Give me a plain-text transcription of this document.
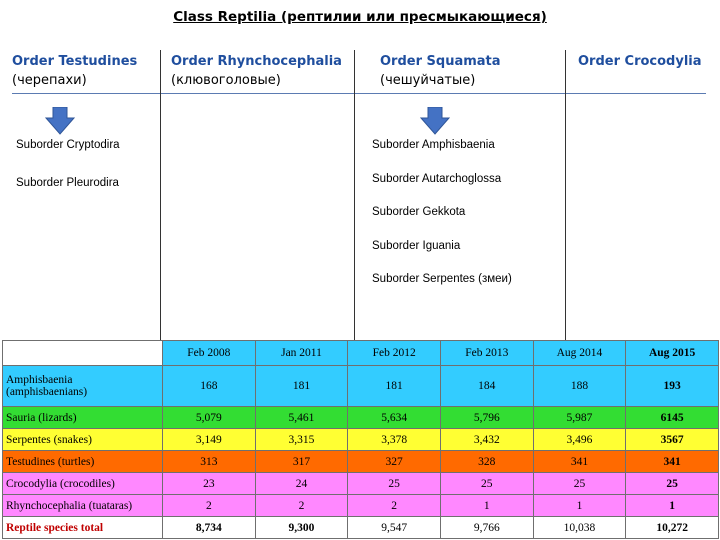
Class Reptilia (рептилии или пресмыкающиеся)
Order Testudines
(черепахи)
Order Rhynchocephalia
(клювоголовые)
Order Squamata
(чешуйчатые)
Order Crocodylia
Suborder Cryptodira
Suborder Pleurodira
Suborder Amphisbaenia
Suborder Autarchoglossa
Suborder Gekkota
Suborder Iguania
Suborder Serpentes (змеи)
	Feb 2008	Jan 2011	Feb 2012	Feb 2013	Aug 2014	Aug 2015
Amphisbaenia
(amphisbaenians)	168	181	181	184	188	193
Sauria (lizards)	5,079	5,461	5,634	5,796	5,987	6145
Serpentes (snakes)	3,149	3,315	3,378	3,432	3,496	3567
Testudines (turtles)	313	317	327	328	341	341
Crocodylia (crocodiles)	23	24	25	25	25	25
Rhynchocephalia (tuataras)	2	2	2	1	1	1
Reptile species total	8,734	9,300	9,547	9,766	10,038	10,272
